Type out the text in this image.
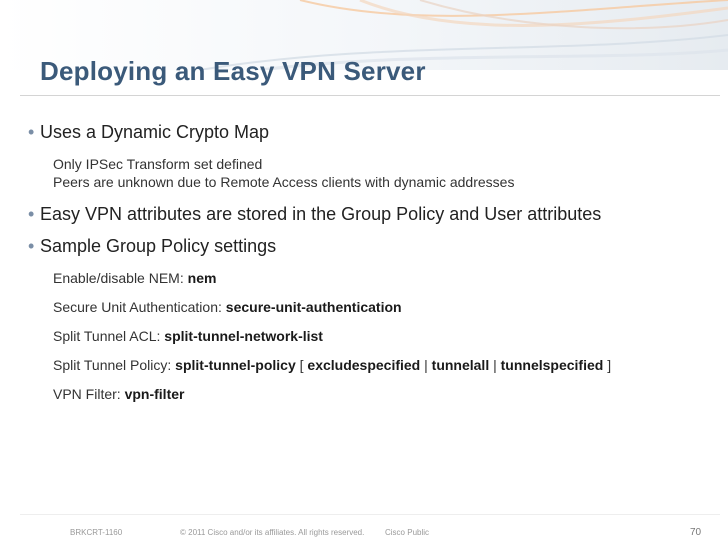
Deploying an Easy VPN Server
• Uses a Dynamic Crypto Map
Only IPSec Transform set defined
Peers are unknown due to Remote Access clients with dynamic addresses
• Easy VPN attributes are stored in the Group Policy and User attributes
• Sample Group Policy settings
Enable/disable NEM: nem
Secure Unit Authentication: secure-unit-authentication
Split Tunnel ACL: split-tunnel-network-list
Split Tunnel Policy: split-tunnel-policy [ excludespecified | tunnelall | tunnelspecified ]
VPN Filter: vpn-filter
BRKCRT-1160	© 2011 Cisco and/or its affiliates. All rights reserved.	Cisco Public	70
